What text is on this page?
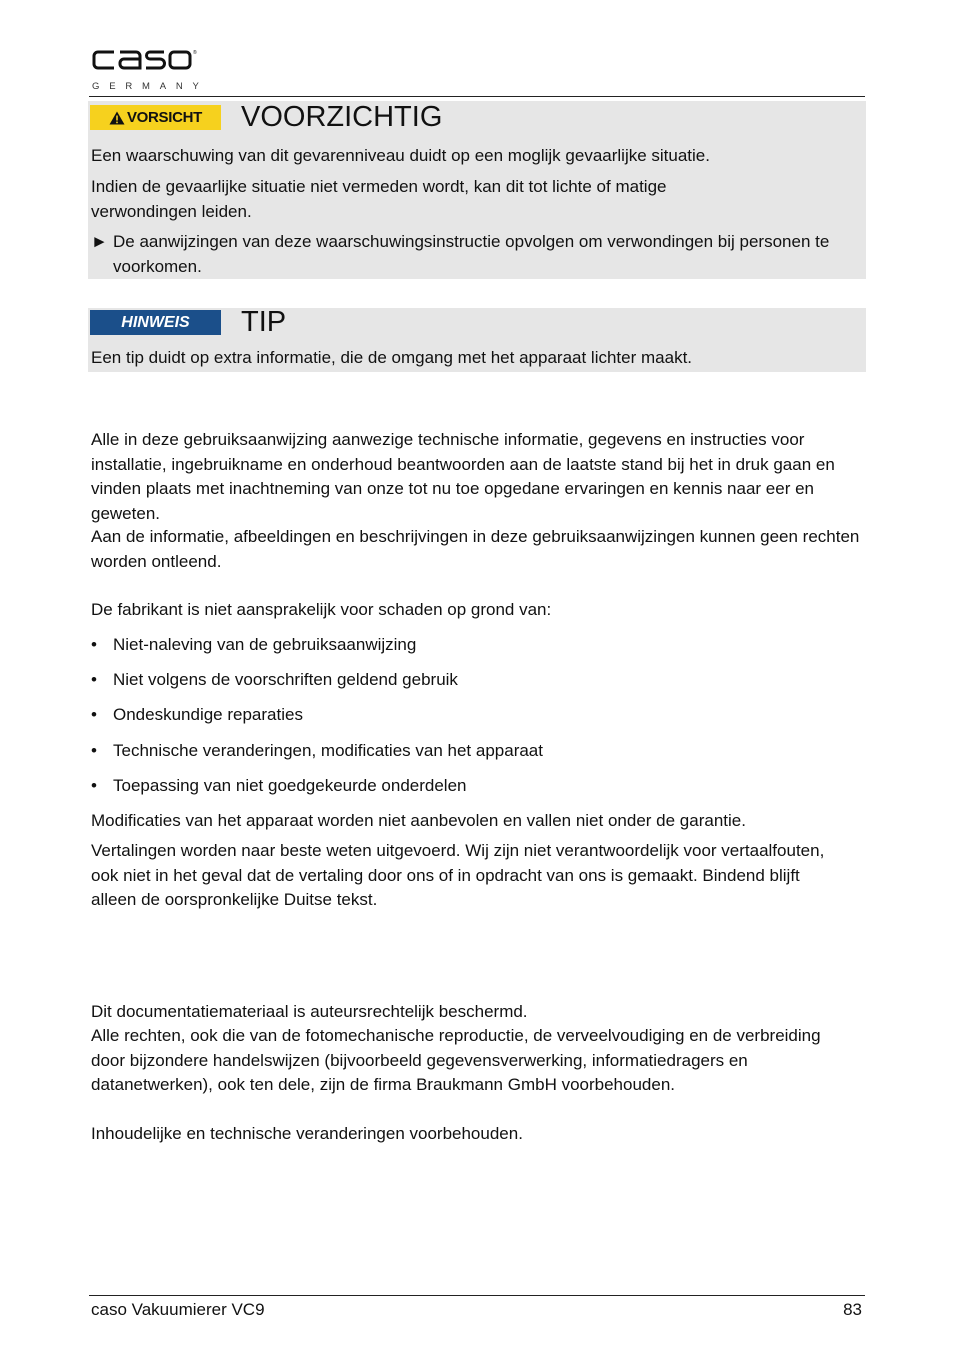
®
GERMANY
VORSICHT VOORZICHTIG
Een waarschuwing van dit gevarenniveau duidt op een moglijk gevaarlijke situatie.
Indien de gevaarlijke situatie niet vermeden wordt, kan dit tot lichte of matige verwondingen leiden.
► De aanwijzingen van deze waarschuwingsinstructie opvolgen om verwondingen bij personen te voorkomen.
HINWEIS TIP
Een tip duidt op extra informatie, die de omgang met het apparaat lichter maakt.
Alle in deze gebruiksaanwijzing aanwezige technische informatie, gegevens en instructies voor installatie, ingebruikname en onderhoud beantwoorden aan de laatste stand bij het in druk gaan en vinden plaats met inachtneming van onze tot nu toe opgedane ervaringen en kennis naar eer en geweten.
Aan de informatie, afbeeldingen en beschrijvingen in deze gebruiksaanwijzingen kunnen geen rechten worden ontleend.
De fabrikant is niet aansprakelijk voor schaden op grond van:
• Niet-naleving van de gebruiksaanwijzing
• Niet volgens de voorschriften geldend gebruik
• Ondeskundige reparaties
• Technische veranderingen, modificaties van het apparaat
• Toepassing van niet goedgekeurde onderdelen
Modificaties van het apparaat worden niet aanbevolen en vallen niet onder de garantie.
Vertalingen worden naar beste weten uitgevoerd. Wij zijn niet verantwoordelijk voor vertaalfouten, ook niet in het geval dat de vertaling door ons of in opdracht van ons is gemaakt. Bindend blijft alleen de oorspronkelijke Duitse tekst.
Dit documentatiemateriaal is auteursrechtelijk beschermd.
Alle rechten, ook die van de fotomechanische reproductie, de verveelvoudiging en de verbreiding door bijzondere handelswijzen (bijvoorbeeld gegevensverwerking, informatiedragers en datanetwerken), ook ten dele, zijn de firma Braukmann GmbH voorbehouden.
Inhoudelijke en technische veranderingen voorbehouden.
caso Vakuumierer VC9	83
